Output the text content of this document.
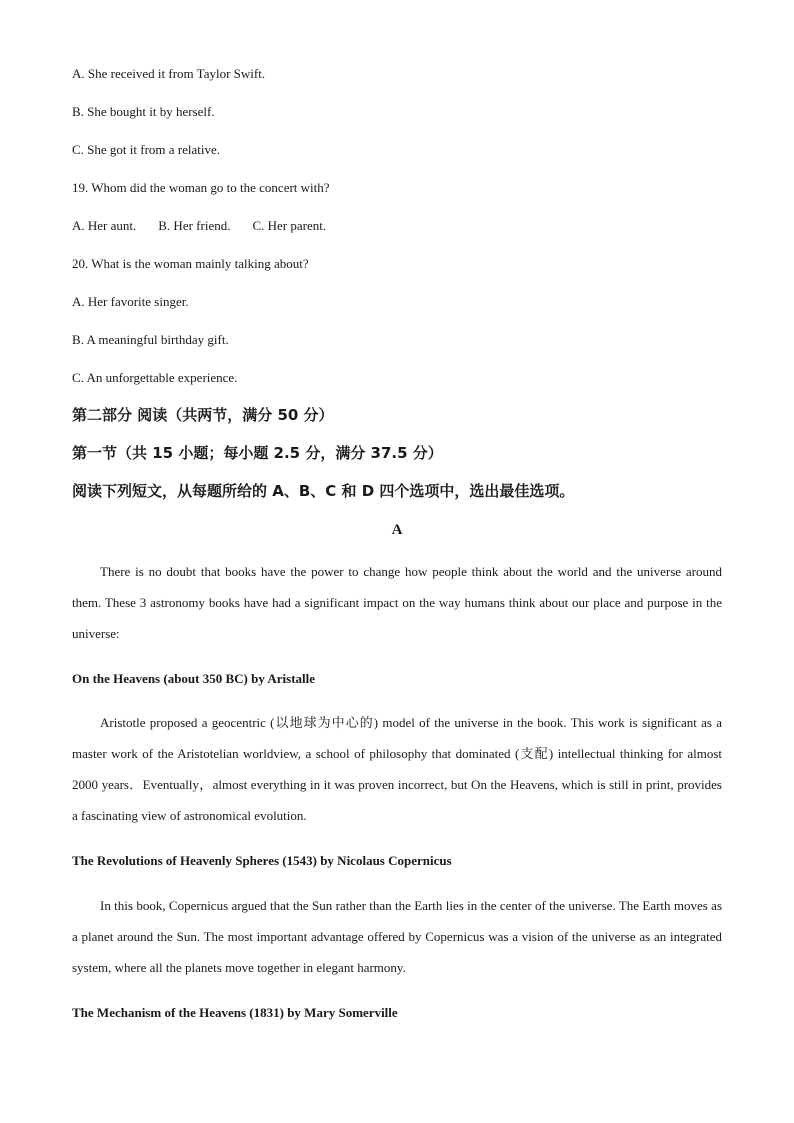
A. She received it from Taylor Swift.
B. She bought it by herself.
C. She got it from a relative.
19. Whom did the woman go to the concert with?
A. Her aunt. B. Her friend. C. Her parent.
20. What is the woman mainly talking about?
A. Her favorite singer.
B. A meaningful birthday gift.
C. An unforgettable experience.
第二部分 阅读（共两节，满分 50 分）
第一节（共 15 小题；每小题 2.5 分，满分 37.5 分）
阅读下列短文，从每题所给的 A、B、C 和 D 四个选项中，选出最佳选项。
A

There is no doubt that books have the power to change how people think about the world and the universe around them. These 3 astronomy books have had a significant impact on the way humans think about our place and purpose in the universe:

On the Heavens (about 350 BC) by Aristalle

Aristotle proposed a geocentric (以地球为中心的) model of the universe in the book. This work is significant as a master work of the Aristotelian worldview, a school of philosophy that dominated (支配) intellectual thinking for almost 2000 years．Eventually，almost everything in it was proven incorrect, but On the Heavens, which is still in print, provides a fascinating view of astronomical evolution.

The Revolutions of Heavenly Spheres (1543) by Nicolaus Copernicus

In this book, Copernicus argued that the Sun rather than the Earth lies in the center of the universe. The Earth moves as a planet around the Sun. The most important advantage offered by Copernicus was a vision of the universe as an integrated system, where all the planets move together in elegant harmony.

The Mechanism of the Heavens (1831) by Mary Somerville
